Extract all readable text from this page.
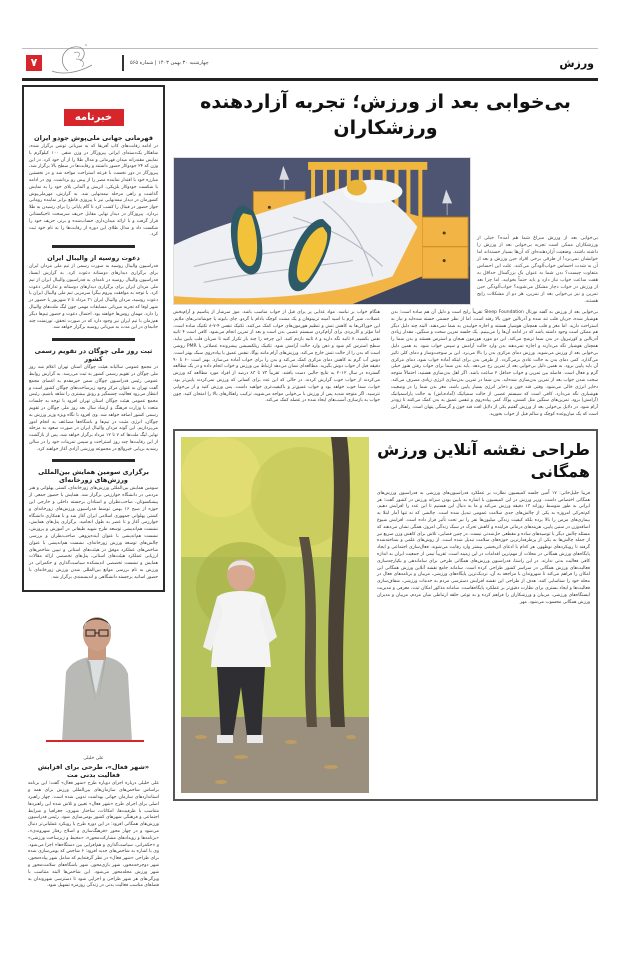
ورزش
۷	چهارشنبه ۳۰ بهمن ۱۴۰۳ | شماره ۵۶۵
بی‌خوابی بعد از ورزش؛ تجربه آزاردهنده ورزشکاران

بی‌خوابی بعد از ورزش سراغ شما هم آمده؟ خیلی از ورزشکاران ممکن است تجربه بی‌خوابی بعد از ورزش را داشته باشند. وضعیت آزاردهنده‌ای که آن‌ها بسیار خسته‌اند اما خوابشان نمی‌برد! از طرفی برخی افراد حین ورزش و بعد از آن به شدت احساس خواب‌آلودگی می‌کنند. علت این احساس متفاوت چیست؟ بدن شما به عنوان یک بزرگسال حداقل به هفت ساعت خواب نیاز دارد و باید حتماً بخوابید. اما چرا بعد از ورزش در خواب دچار مشکل می‌شوید؟ خواب‌آلودگی حین تمرین و نیز بی‌خوابی بعد از تمرین، هر دو از مشکلات رایج هستند.

بی‌خوابی بعد از ورزش به گفته نورنال Sleep Foundation تقریباً رایج است و دلیل آن هم ساده است: بدن هوشیار شده، جریان قلب تند شده و آدرنالین خون بالا رفته است. اما از نظر جسمی خسته شده‌اید و نیاز به استراحت دارید. اما مغز و قلب همچنان هوشیار هستند و اجازه خوابیدن به شما نمی‌دهند. البته چند دلیل دیگر هم ممکن است وجود داشته باشد که در ادامه آن‌ها را می‌بینیم. یک جلسه تمرین سخت و سنگین، مقدار زیادی آدرنالین و کورتیزول در بدن شما ترشح می‌کند. این دو مورد هورمون هیجان و استرس هستند و بدن شما را همچنان هوشیار نگه می‌دارند و اجازه نمی‌دهند بدن وارد حالت آرامش و سپس خواب شود. به همین دلیل بی‌خوابی بعد از ورزش می‌شوید. ورزش دمای مرکزی بدن را بالا می‌برد. این بر سوخت‌وساز و دمای کلی تاثیر می‌گذارد. کمی دمای بدن به حالت عادی برمی‌گردد. از طرفی بدن برای اینکه آماده خواب شود، دمای مرکزی آن باید پایین برود. به همین دلیل بی‌خوابی بعد از تمرین رخ می‌دهد. باید بدن شما برای خواب رفتن هنوز خیلی گرم و فعال است. فاصله بین تمرین و خواب حداقل ۲ ساعت باشد. اگر اهل بدن‌سازی هستید، احتمالاً متوجه سخت شدن خواب بعد از تمرین بدن‌سازی شده‌اید. بدن شما در تمرین بدن‌سازی انرژی زیادی مصرف می‌کند. دخایر انرژی خالی می‌شود. وقتی قند خون و ذخایر انرژی بسیار پایین باشد، مغز بدن شما را در وضعیت هوشیاری نگه می‌دارد. کافی است که سیستم عصبی از حالت سمپاتیک (آماده‌باش) به حالت پاراسمپاتیک (آرامش) برود. تمرین‌های سنگین مثل کشش، یوگا، کمی پیاده‌روی و تنفس عمیق به بدن کمک می‌کنند تا زودتر آرام شود. در دلایل بی‌خوابی بعد از ورزش گفتیم یکی از دلایل افت قند خون و گرسنگی پنهان است. راهکار این است که یک میان‌وعده کوچک و سالم قبل از خواب بخورید.

هنگام خواب بر نباشد. مواد غذایی پر برای قبل از خواب مناسب باشد. موز سرشار از پتاسیم و آرام‌بخش عضلات، شیر گرم با اسید آمینه تریپتوفان و یک مشت کوچک بادام یا گردو. چای بابونه یا جوشاندنی‌های ملایم. این خوراکی‌ها به کاهش تنش و تنظیم هورمون‌های خواب کمک می‌کنند. تکنیک تنفس ۴-۷-۸ تکنیک ساده است. اما مؤثر و کاربردی برای آرام‌کردن سیستم عصبی بدن است و بعد از تمرین انجام می‌شود. کافی است ۴ ثانیه نفس بکشید، ۷ ثانیه نگه دارید و ۸ ثانیه بازدم کنید. این چرخه را چند بار تکرار کنید تا ضربان قلب پایین بیاید. سطح استرس کم شود و ذهن وارد حالت آرامش شود. تکنیک ریلکسیشن پیشرونده عضلانی یا PMR روشی است که بدن را از حالت تنش خارج می‌کند. ورزش‌های آرام مانند یوگا، تنفس عمیق یا پیاده‌روی سبک بهتر است. دوش آب گرم به کاهش دمای مرکزی کمک می‌کند و بدن را برای خواب آماده می‌سازد. بهتر است ۶۰ تا ۹۰ دقیقه قبل از خواب دوش بگیرید. مطالعه‌ای نشان می‌دهد ارتباط بین ورزش و خواب انجام داده و در یک مطالعه گسترده در سال ۲۰۱۲ به نتایج جالبی دست یافتند. تقریباً ۷۳ تا ۸۳ درصد از افراد مورد مطالعه که ورزش می‌کردند از خواب خوب گزارش کردند. در حالی که این عدد برای کسانی که ورزش نمی‌کردند پایین‌تر بود. خواب، شما خوب خواهد بود و خواب عمیق‌تر و باکیفیت‌تری خواهید داشت. پس ورزش کنید و از بی‌خوابی نترسید. اگر متوجه شدید پس از ورزش با بی‌خوابی مواجه می‌شوید، ترکیب راهکارهای بالا را امتحان کنید. چون خواب به بازسازی آسیب‌های ایجاد شده در عضله کمک می‌کند.

طراحی نقشه آنلاین ورزش همگانی

فریبا جلیل‌خانی: ۱۷ اُمین جلسه کمیسیون نظارت بر عملکرد فدراسیون‌های ورزشی به فدراسیون ورزش‌های همگانی اختصاص داشت. وزیر ورزش در این کمیسیون با اشاره به پایین بودن سرانه ورزش در کشور گفت: هر ایرانی به طور متوسط روزانه ۱۳ دقیقه ورزش می‌کند و ما به دنبال این هستیم تا این عدد را افزایش دهیم. کم‌تحرکی امروزه به یکی از چالش‌های جدی سلامت عمومی تبدیل شده است. چالشی که نه تنها آمار ابتلا به بیماری‌های مزمن را بالا برده بلکه کیفیت زندگی میلیون‌ها نفر را نیز تحت تأثیر قرار داده است. افزایش شیوع اضافه‌وزن در سنین پایین، هزینه‌های درمانی فزاینده و کاهش تحرک در سبک زندگی امروز، همگی نشان می‌دهند که مسئله چالش دیگر با توصیه‌های ساده و مقطعی حل‌شدنی نیست. در چنین فضایی، تلاش برای کاهش وزن سریع نیز از جمله چالش‌ها به یکی از پرطرفدارترین حوزه‌های سلامت تبدیل شده است. از روش‌های علمی و شناخته‌شده گرفته تا رویکردهای نوظهور، هر کدام با ادعای اثربخشی بیشتر وارد رقابت می‌شوند. فعال‌سازی اجتماعی و ایجاد پایگاه‌های ورزش همگانی در محلات از مهم‌ترین اقدامات در این زمینه است. تقریباً نیمی از جمعیت ایران به اندازه کافی فعالیت بدنی ندارند. در این راستا، فدراسیون ورزش‌های همگانی طرحی برای ساماندهی و یکپارچه‌سازی فعالیت‌های ورزش همگانی در سراسر کشور طراحی کرده است. سامانه جامع نقشه آنلاین ورزش همگانی این امکان را فراهم می‌کند تا شهروندان با مراجعه به آن، نزدیک‌ترین پایگاه‌های ورزشی، مربیان و برنامه‌های فعال در محله خود را شناسایی کنند. هدف از طراحی این نقشه افزایش دسترسی مردم به خدمات ورزشی، شفاف‌سازی فعالیت‌ها و ایجاد بستری برای نظارت دقیق‌تر بر عملکرد پایگاه‌هاست. سامانه مذکور امکان ثبت، معرفی و مدیریت ایستگاه‌های ورزشی، مربیان و ورزشکاران را فراهم کرده و به نوعی حلقه ارتباطی میان مردم، مربیان و مدیران ورزش همگانی محسوب می‌شود. مهر

خبرنامه
قهرمانی جهانی ملی‌پوش جودو ایران

در ادامه رقابت‌های کاپ آفریقا که به میزبانی تونس برگزار شده، شاهکار یک‌دسته‌ای ایرانی پیروزگار در وزن منفی ۱۰۰ کیلوگرم با نمایش مقتدرانه میدان قهرمانی و مدال طلا را از آن خود کرد. در این وزن که ۲۴ جودوکار حضور داشتند و رقابت‌ها در سطح بالا برگزار شد، پیروزگار در دور نخست با قرعه استراحت مواجه شد و در نخستین مبارزه خود با اقتدار نماینده مصر را از پیش رو برداشت. وی در ادامه با شکست جودوکار بلژیکی، اتریش و آلمانی بلای خود را به نمایش گذاشت و راهی مرحله نیمه‌نهایی شد. به گزارش، مهرملی‌پوش کشورمان در دیدار نیمه‌نهایی نیز با پیروزی قاطع برابر نماینده رومانی جواز حضور در فینال را کسب کرد تا گام پایانی را برای رسیدن به طلا بردارد. پیروزگار در دیدار نهایی مقابل حریف سرسخت تاجیکستانی قرار گرفت و با ارائه میدان‌داری حساب‌شده و برتر، حریف خود را شکست داد و مدال طلای این دوره از رقابت‌ها را به نام خود ثبت کرد.

دعوت روسیه از والیبال ایران

فدراسیون والیبال روسیه به صورت رسمی از تیم ملی مردان ایران برای برگزاری دیدارهای دوستانه دعوت کرد. به گزارش ایسنا، فدراسیون والیبال روسیه در نامه‌ای به فدراسیون والیبال ایران از تیم ملی مردان ایران برای برگزاری دیدارهای دوستانه و تدارکاتی دعوت کرد. با توجه به موافقت پیروم بیگرا سرمربی تیم ملی والیبال ایران با دعوت روسیه، مردان والیبال ایران ۳۱ مرداد تا ۷ شهریور با حضور در شهر اوفا که تجربه میزبانی مسابقات مهمی چون لیگ ملت‌های والیبال را دارد، مهمان روس‌ها خواهند بود. احتمال دعوت و حضور تیم‌ها دیگر هم‌زمان با تیم ایران نیز وجود دارد که در صورت تحقق، تورنمنت چند جانبه‌ای در این مدت به میزبانی روسیه برگزار خواهد شد.

ثبت روز ملی چوگان در تقویم رسمی کشور

در مجمع عمومی سالیانه هیئت چوگان استان تهران اعلام شد روز ملی چوگان در تقویم رسمی کشور به ثبت می‌رسد. به گزارش روابط عمومی رئیس فدراسیون چوگان ضمن خیرمقدم به اعضای مجمع گفت تهران به عنوان مرکز وجود زیرساخت‌های چوگان کشور است و انتظار می‌رود فعالیت چشمگیر و رونق بیشتری را شاهد باشیم. رئیس مجمع عمومی هیئت چوگان استان تهران افزود با توجه به جلسات متعدد با وزارت فرهنگ و ارشاد سال بعد روز ملی چوگان در تقویم رسمی کشور اضافه خواهد شد. وی افزود با نگاه ویژه وزیر ورزش به چوگان، انرژی مثبت در تیم‌ها و باشگاه‌ها مضاعف به انجام امور می‌پردازیم. این گونه مردان والیبال ایران در صورت صعود به مرحله نهایی لیگ ملت‌ها که ۷ تا ۱۲ مرداد برگزار خواهد شد، پس از بازگشت از این رقابت‌ها چند روز استراحت و سپس تمرینات خود را در سالن رشدیه برپایی خیروالع در مجموعه ورزشی آزادی آغاز خواهند کرد.

برگزاری سومین همایش بین‌المللی ورزش‌های زورخانه‌ای

سومین همایش بین‌المللی ورزش‌های زورخانه‌ای، کشتی پهلوانی و هنر مردمی در دانشگاه خوارزمی برگزار شد. همایش با حضور جمعی از پیشکسوتان، صاحب‌نظران و استادان برجسته داخلی و خارجی این حوزه از صبح ۱۶ بهمن توسط فدراسیون ورزش‌های زورخانه‌ای و کشتی پهلوانی جمهوری اسلامی ایران آغاز شد و با همکاری دانشگاه خوارزمی آغاز و تا عصر به طول انجامید. برگزاری پنل‌های همایش، نشست هم‌اندیشی توسعه طرح شهید طیفانی در آموزش و پرورش، نشست هم‌اندیشی با عنوان آینده‌پژوهی صاحب‌نظران و بررسی چالش‌های توسعه ورزش زورخانه‌ای، نشست هم‌اندیشی با عنوان شاخص‌های عملکرد موفق در هیئت‌های استانی و تبیین شاخص‌های ارزیابی عملکرد هیئت‌های استانی، پنل‌های تخصصی ارائه مقالات همایش و نشست تخصصی اندیشکده سیاست‌گذاری و حکمرانی در ورزش به نام بررسی موانع بین‌المللی شدن ورزش زورخانه‌ای با حضور اساتید برجسته دانشگاهی و اندیشمندی برگزار شد.

علی خلیلی
«شهر فعال»، طرحی برای افزایش فعالیت بدنی مت

علی خلیلی درباره اجرای دوباره طرح «شهر فعال» گفت: این برنامه براساس شاخص‌های سازمان‌های بین‌المللی ورزش برای همه و استانداردهای سازمان جهانی بهداشت تدوین شده است. چهار راهبرد اصلی برای اجرای طرح «شهر فعال» تعیین و تلاش شده این راهبردها متناسب با ظرفیت‌ها، امکانات، ساختار شهری، جغرافیا و شرایط اجتماعی و فرهنگی شهرهای کشور بومی‌سازی شود. رئیس فدراسیون ورزش‌های همگانی افزود: در این دوره طرح با رویکرد عملیاتی‌تر دنبال می‌شود و در چهار محور «فرهنگ‌سازی و اصلاح رفتار شهروندی»، «برنامه‌ها و رویدادهای مشارکت‌محور»، «محیط و زیرساخت ورزشی» و «حکمرانی، سیاست‌گذاری و هم‌افزایی بین دستگاه‌ها» اجرا می‌شود. وی با اشاره به شاخص‌های جدید افزود: ۶ شاخص که بومی‌سازی شده برای طراحی «شهر فعال» در نظر گرفته‌ایم که شامل شهر پیاده‌محور، شهر دوچرخه‌محور، شهر بازی‌محور، شهر باشگاه‌های سلامت‌محور و شهر ورزش محله‌محور می‌شود. این شاخص‌ها البته متناسب با ویژگی‌های هر شهر طراحی و اجرایی شود تا دسترسی شهروندان به فضاهای مناسب فعالیت بدنی در زندگی روزمره تسهیل شود.
